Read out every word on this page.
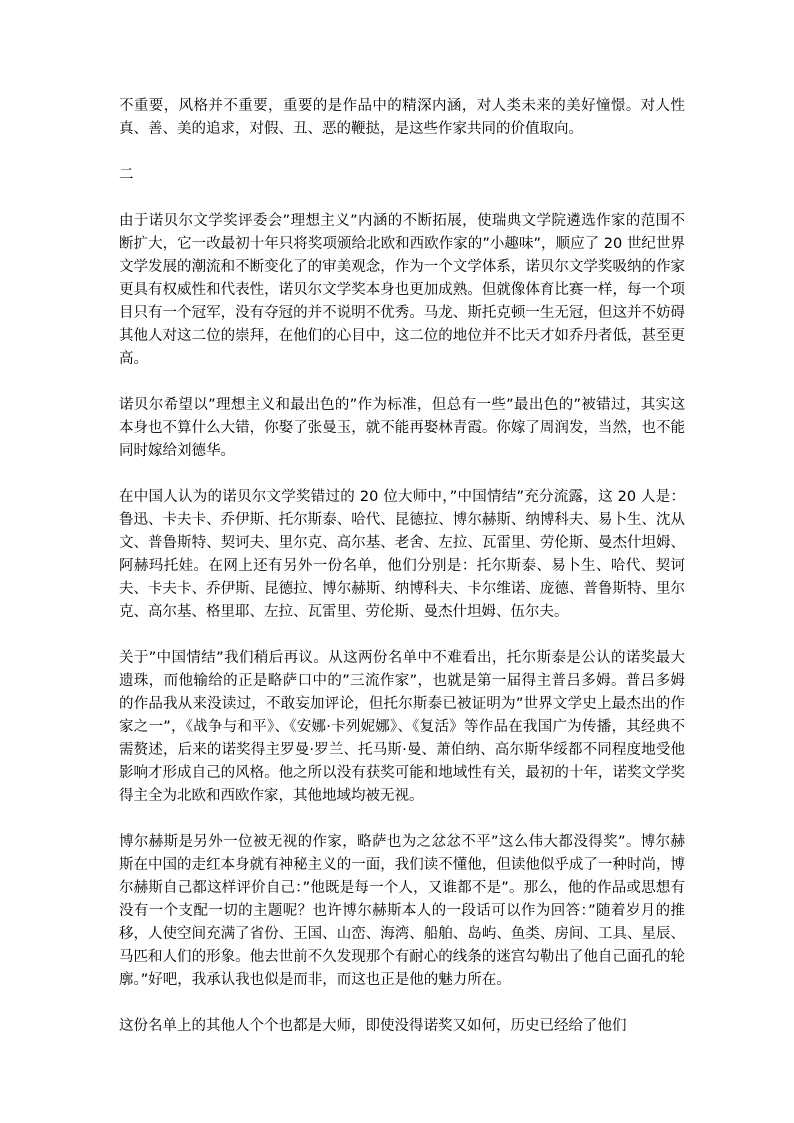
不重要，风格并不重要，重要的是作品中的精深内涵，对人类未来的美好憧憬。对人性真、善、美的追求，对假、丑、恶的鞭挞，是这些作家共同的价值取向。

二

由于诺贝尔文学奖评委会”理想主义”内涵的不断拓展，使瑞典文学院遴选作家的范围不断扩大，它一改最初十年只将奖项颁给北欧和西欧作家的”小趣味”，顺应了 20 世纪世界文学发展的潮流和不断变化了的审美观念，作为一个文学体系，诺贝尔文学奖吸纳的作家更具有权威性和代表性，诺贝尔文学奖本身也更加成熟。但就像体育比赛一样，每一个项目只有一个冠军，没有夺冠的并不说明不优秀。马龙、斯托克顿一生无冠，但这并不妨碍其他人对这二位的崇拜，在他们的心目中，这二位的地位并不比天才如乔丹者低，甚至更高。

诺贝尔希望以”理想主义和最出色的”作为标准，但总有一些”最出色的”被错过，其实这本身也不算什么大错，你娶了张曼玉，就不能再娶林青霞。你嫁了周润发，当然，也不能同时嫁给刘德华。

在中国人认为的诺贝尔文学奖错过的 20 位大师中，”中国情结”充分流露，这 20 人是：鲁迅、卡夫卡、乔伊斯、托尔斯泰、哈代、昆德拉、博尔赫斯、纳博科夫、易卜生、沈从文、普鲁斯特、契诃夫、里尔克、高尔基、老舍、左拉、瓦雷里、劳伦斯、曼杰什坦姆、阿赫玛托娃。在网上还有另外一份名单，他们分别是：托尔斯泰、易卜生、哈代、契诃夫、卡夫卡、乔伊斯、昆德拉、博尔赫斯、纳博科夫、卡尔维诺、庞德、普鲁斯特、里尔克、高尔基、格里耶、左拉、瓦雷里、劳伦斯、曼杰什坦姆、伍尔夫。

关于”中国情结”我们稍后再议。从这两份名单中不难看出，托尔斯泰是公认的诺奖最大遗珠，而他输给的正是略萨口中的”三流作家”，也就是第一届得主普吕多姆。普吕多姆的作品我从来没读过，不敢妄加评论，但托尔斯泰已被证明为”世界文学史上最杰出的作家之一”，《战争与和平》、《安娜·卡列妮娜》、《复活》等作品在我国广为传播，其经典不需赘述，后来的诺奖得主罗曼·罗兰、托马斯·曼、萧伯纳、高尔斯华绥都不同程度地受他影响才形成自己的风格。他之所以没有获奖可能和地域性有关，最初的十年，诺奖文学奖得主全为北欧和西欧作家，其他地域均被无视。

博尔赫斯是另外一位被无视的作家，略萨也为之忿忿不平”这么伟大都没得奖”。博尔赫斯在中国的走红本身就有神秘主义的一面，我们读不懂他，但读他似乎成了一种时尚，博尔赫斯自己都这样评价自己：”他既是每一个人，又谁都不是”。那么，他的作品或思想有没有一个支配一切的主题呢？也许博尔赫斯本人的一段话可以作为回答：”随着岁月的推移，人使空间充满了省份、王国、山峦、海湾、船舶、岛屿、鱼类、房间、工具、星辰、马匹和人们的形象。他去世前不久发现那个有耐心的线条的迷宫勾勒出了他自己面孔的轮廓。”好吧，我承认我也似是而非，而这也正是他的魅力所在。

这份名单上的其他人个个也都是大师，即使没得诺奖又如何，历史已经给了他们
